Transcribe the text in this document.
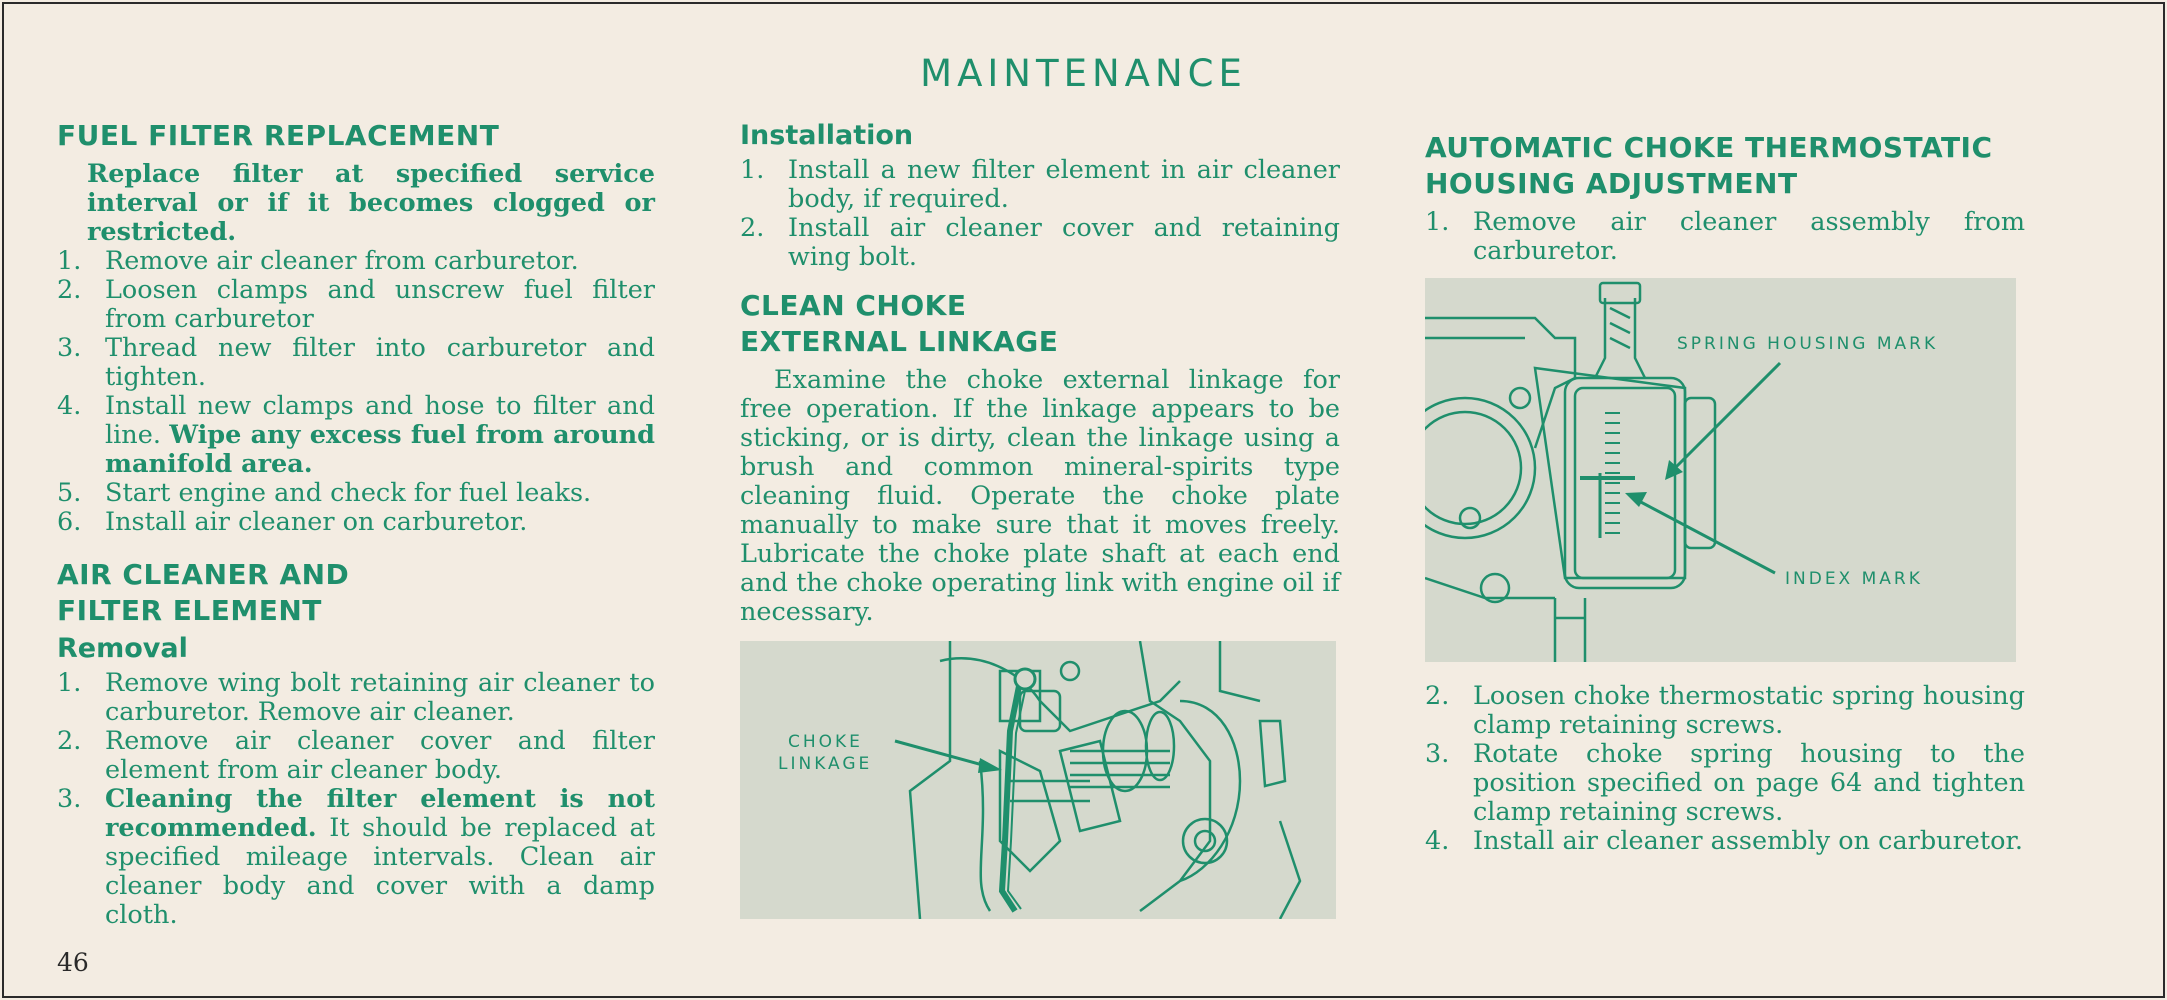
MAINTENANCE
FUEL FILTER REPLACEMENT

Replace filter at specified service interval or if it becomes clogged or restricted.

1. Remove air cleaner from carburetor.
2. Loosen clamps and unscrew fuel filter from carburetor
3. Thread new filter into carburetor and tighten.
4. Install new clamps and hose to filter and line. Wipe any excess fuel from around manifold area.
5. Start engine and check for fuel leaks.
6. Install air cleaner on carburetor.
AIR CLEANER AND
FILTER ELEMENT
Removal
1. Remove wing bolt retaining air cleaner to carburetor. Remove air cleaner.
2. Remove air cleaner cover and filter element from air cleaner body.
3. Cleaning the filter element is not recommended. It should be replaced at specified mileage intervals. Clean air cleaner body and cover with a damp cloth.
Installation
1. Install a new filter element in air cleaner body, if required.
2. Install air cleaner cover and retaining wing bolt.
CLEAN CHOKE
EXTERNAL LINKAGE

Examine the choke external linkage for free operation. If the linkage appears to be sticking, or is dirty, clean the linkage using a brush and common mineral-spirits type cleaning fluid. Operate the choke plate manually to make sure that it moves freely. Lubricate the choke plate shaft at each end and the choke operating link with engine oil if necessary.

CHOKE
LINKAGE
AUTOMATIC CHOKE THERMOSTATIC
HOUSING ADJUSTMENT
1. Remove air cleaner assembly from carburetor.
SPRING HOUSING MARK
INDEX MARK
2. Loosen choke thermostatic spring housing clamp retaining screws.
3. Rotate choke spring housing to the position specified on page 64 and tighten clamp retaining screws.
4. Install air cleaner assembly on carburetor.
46
